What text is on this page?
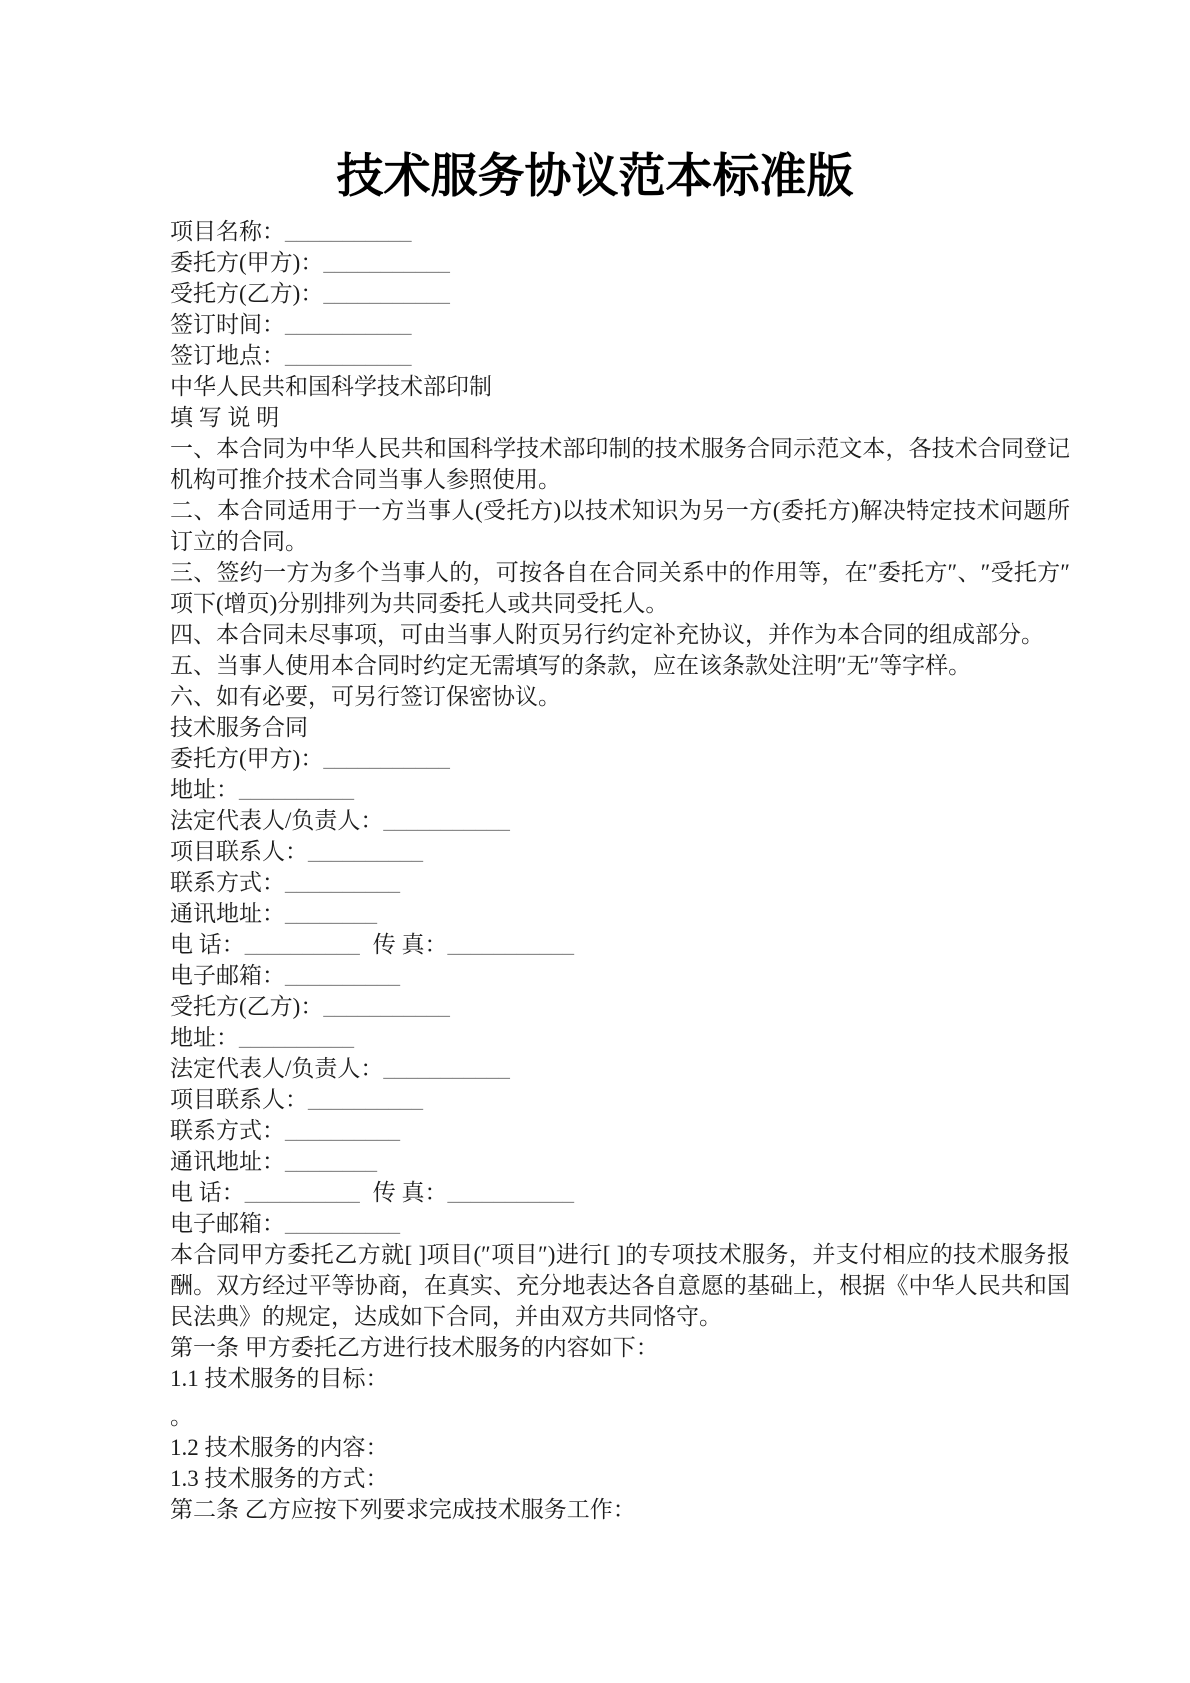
技术服务协议范本标准版

项目名称：___________

委托方(甲方)：___________

受托方(乙方)：___________

签订时间：___________

签订地点：___________

中华人民共和国科学技术部印制

填 写 说 明

一、本合同为中华人民共和国科学技术部印制的技术服务合同示范文本，各技术合同登记机构可推介技术合同当事人参照使用。

二、本合同适用于一方当事人(受托方)以技术知识为另一方(委托方)解决特定技术问题所订立的合同。

三、签约一方为多个当事人的，可按各自在合同关系中的作用等，在″委托方″、″受托方″项下(增页)分别排列为共同委托人或共同受托人。

四、本合同未尽事项，可由当事人附页另行约定补充协议，并作为本合同的组成部分。

五、当事人使用本合同时约定无需填写的条款，应在该条款处注明″无″等字样。

六、如有必要，可另行签订保密协议。

技术服务合同

委托方(甲方)：___________

地址：__________

法定代表人/负责人：___________

项目联系人：__________

联系方式：__________

通讯地址：________

电 话：__________ 传 真：___________

电子邮箱：__________

受托方(乙方)：___________

地址：__________

法定代表人/负责人：___________

项目联系人：__________

联系方式：__________

通讯地址：________

电 话：__________ 传 真：___________

电子邮箱：__________

本合同甲方委托乙方就[ ]项目(″项目″)进行[ ]的专项技术服务，并支付相应的技术服务报酬。双方经过平等协商，在真实、充分地表达各自意愿的基础上，根据《中华人民共和国民法典》的规定，达成如下合同，并由双方共同恪守。

第一条 甲方委托乙方进行技术服务的内容如下：

1.1 技术服务的目标：

。

1.2 技术服务的内容：

1.3 技术服务的方式：

第二条 乙方应按下列要求完成技术服务工作：
